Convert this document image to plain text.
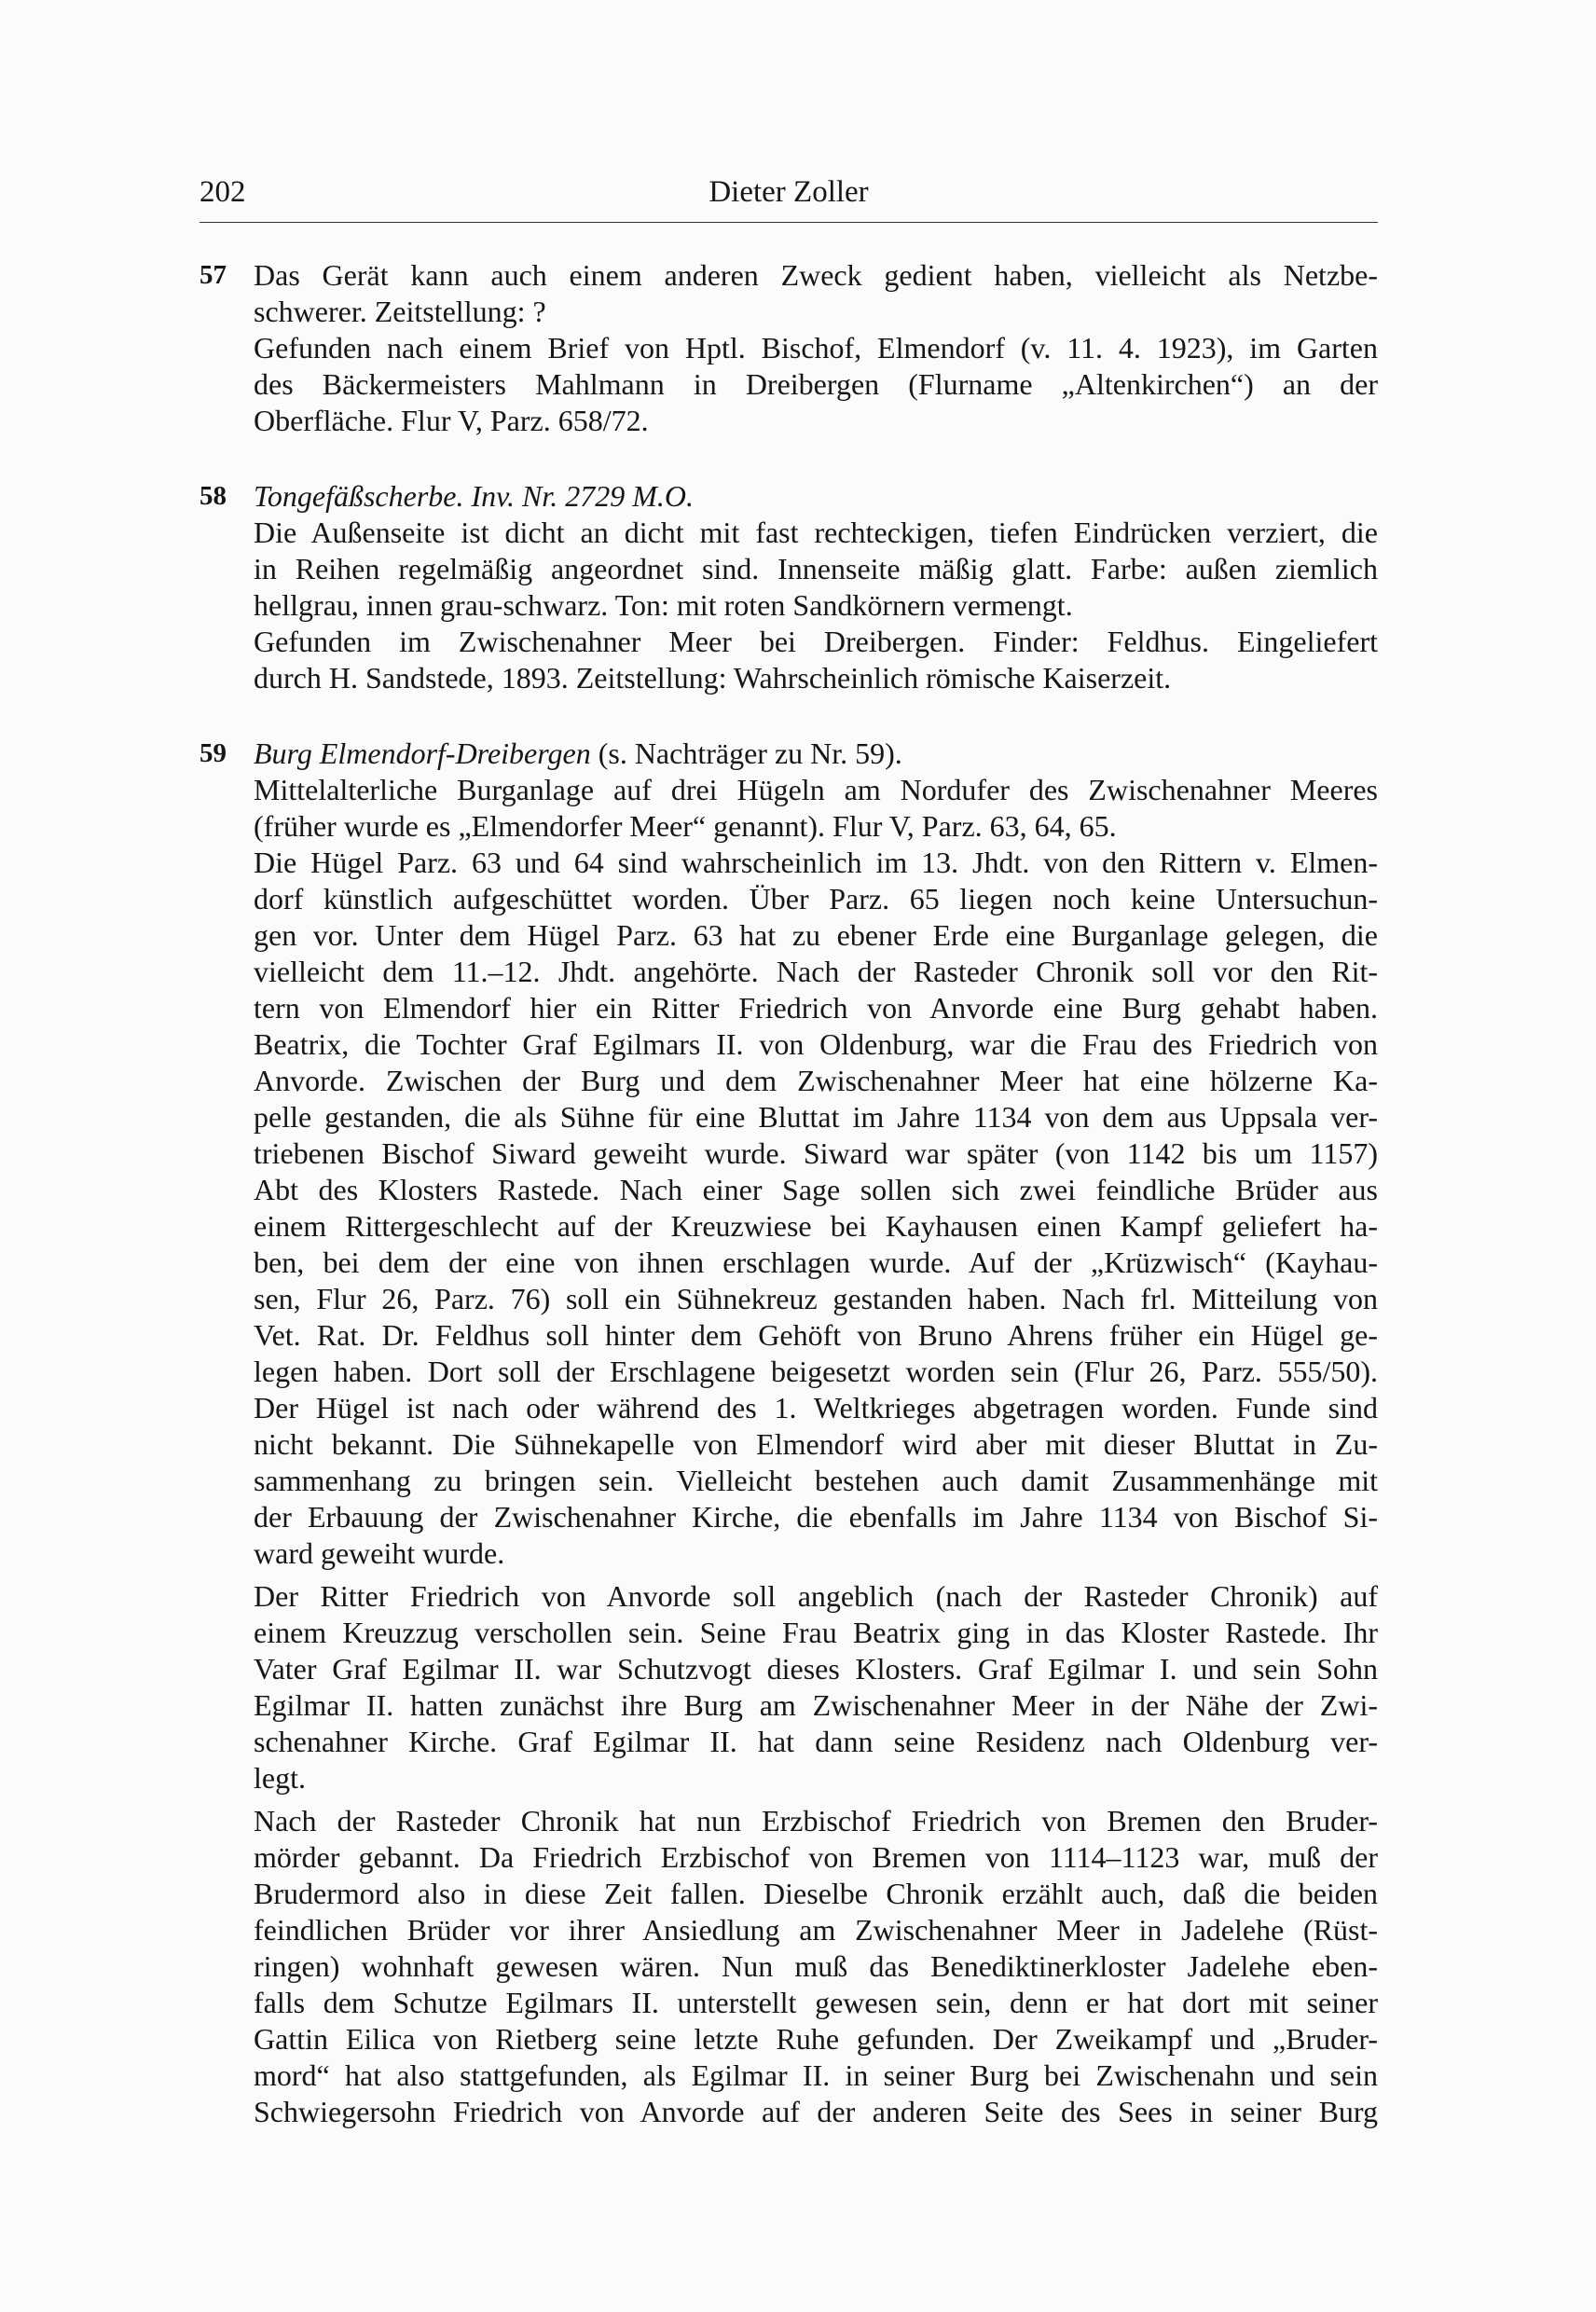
202	Dieter Zoller
57 Das Gerät kann auch einem anderen Zweck gedient haben, vielleicht als Netzbe-
schwerer. Zeitstellung: ?
Gefunden nach einem Brief von Hptl. Bischof, Elmendorf (v. 11. 4. 1923), im Garten
des Bäckermeisters Mahlmann in Dreibergen (Flurname „Altenkirchen“) an der
Oberfläche. Flur V, Parz. 658/72.
58 Tongefäßscherbe. Inv. Nr. 2729 M.O.
Die Außenseite ist dicht an dicht mit fast rechteckigen, tiefen Eindrücken verziert, die
in Reihen regelmäßig angeordnet sind. Innenseite mäßig glatt. Farbe: außen ziemlich
hellgrau, innen grau-schwarz. Ton: mit roten Sandkörnern vermengt.
Gefunden im Zwischenahner Meer bei Dreibergen. Finder: Feldhus. Eingeliefert
durch H. Sandstede, 1893. Zeitstellung: Wahrscheinlich römische Kaiserzeit.
59 Burg Elmendorf-Dreibergen (s. Nachträger zu Nr. 59).
Mittelalterliche Burganlage auf drei Hügeln am Nordufer des Zwischenahner Meeres
(früher wurde es „Elmendorfer Meer“ genannt). Flur V, Parz. 63, 64, 65.
Die Hügel Parz. 63 und 64 sind wahrscheinlich im 13. Jhdt. von den Rittern v. Elmen-
dorf künstlich aufgeschüttet worden. Über Parz. 65 liegen noch keine Untersuchun-
gen vor. Unter dem Hügel Parz. 63 hat zu ebener Erde eine Burganlage gelegen, die
vielleicht dem 11.–12. Jhdt. angehörte. Nach der Rasteder Chronik soll vor den Rit-
tern von Elmendorf hier ein Ritter Friedrich von Anvorde eine Burg gehabt haben.
Beatrix, die Tochter Graf Egilmars II. von Oldenburg, war die Frau des Friedrich von
Anvorde. Zwischen der Burg und dem Zwischenahner Meer hat eine hölzerne Ka-
pelle gestanden, die als Sühne für eine Bluttat im Jahre 1134 von dem aus Uppsala ver-
triebenen Bischof Siward geweiht wurde. Siward war später (von 1142 bis um 1157)
Abt des Klosters Rastede. Nach einer Sage sollen sich zwei feindliche Brüder aus
einem Rittergeschlecht auf der Kreuzwiese bei Kayhausen einen Kampf geliefert ha-
ben, bei dem der eine von ihnen erschlagen wurde. Auf der „Krüzwisch“ (Kayhau-
sen, Flur 26, Parz. 76) soll ein Sühnekreuz gestanden haben. Nach frl. Mitteilung von
Vet. Rat. Dr. Feldhus soll hinter dem Gehöft von Bruno Ahrens früher ein Hügel ge-
legen haben. Dort soll der Erschlagene beigesetzt worden sein (Flur 26, Parz. 555/50).
Der Hügel ist nach oder während des 1. Weltkrieges abgetragen worden. Funde sind
nicht bekannt. Die Sühnekapelle von Elmendorf wird aber mit dieser Bluttat in Zu-
sammenhang zu bringen sein. Vielleicht bestehen auch damit Zusammenhänge mit
der Erbauung der Zwischenahner Kirche, die ebenfalls im Jahre 1134 von Bischof Si-
ward geweiht wurde.
Der Ritter Friedrich von Anvorde soll angeblich (nach der Rasteder Chronik) auf
einem Kreuzzug verschollen sein. Seine Frau Beatrix ging in das Kloster Rastede. Ihr
Vater Graf Egilmar II. war Schutzvogt dieses Klosters. Graf Egilmar I. und sein Sohn
Egilmar II. hatten zunächst ihre Burg am Zwischenahner Meer in der Nähe der Zwi-
schenahner Kirche. Graf Egilmar II. hat dann seine Residenz nach Oldenburg ver-
legt.
Nach der Rasteder Chronik hat nun Erzbischof Friedrich von Bremen den Bruder-
mörder gebannt. Da Friedrich Erzbischof von Bremen von 1114–1123 war, muß der
Brudermord also in diese Zeit fallen. Dieselbe Chronik erzählt auch, daß die beiden
feindlichen Brüder vor ihrer Ansiedlung am Zwischenahner Meer in Jadelehe (Rüst-
ringen) wohnhaft gewesen wären. Nun muß das Benediktinerkloster Jadelehe eben-
falls dem Schutze Egilmars II. unterstellt gewesen sein, denn er hat dort mit seiner
Gattin Eilica von Rietberg seine letzte Ruhe gefunden. Der Zweikampf und „Bruder-
mord“ hat also stattgefunden, als Egilmar II. in seiner Burg bei Zwischenahn und sein
Schwiegersohn Friedrich von Anvorde auf der anderen Seite des Sees in seiner Burg
